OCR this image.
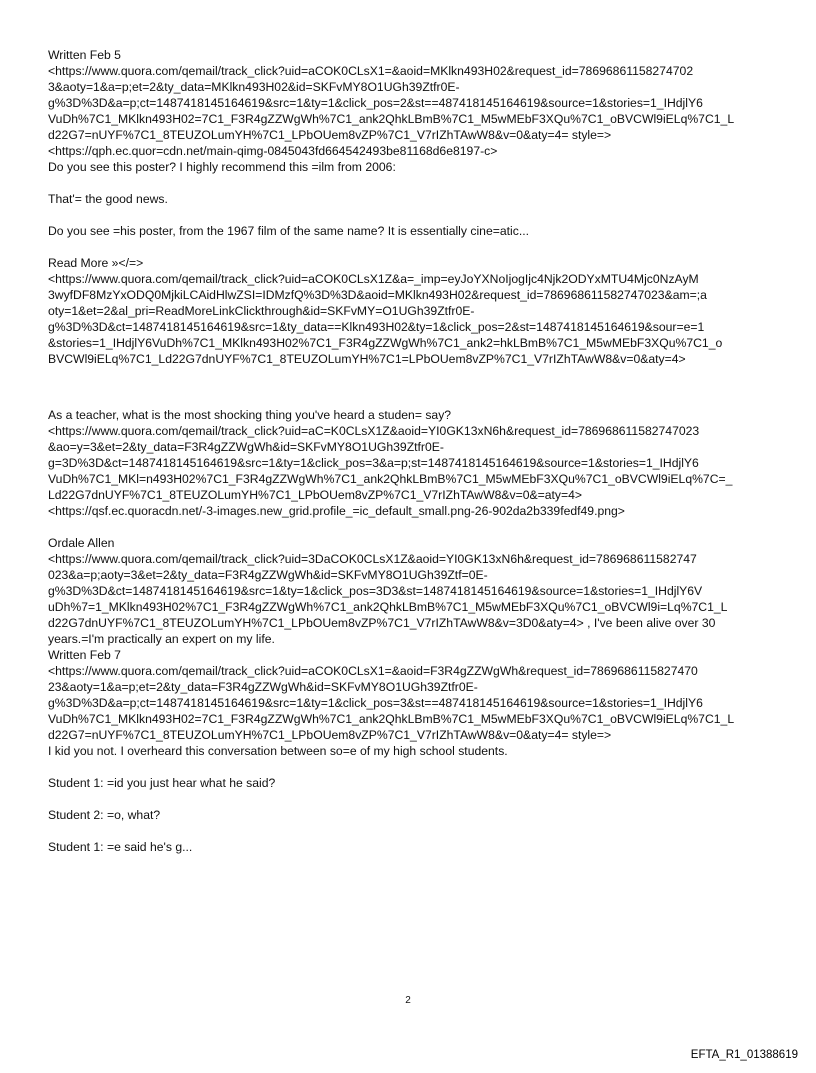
Written Feb 5
<https://www.quora.com/qemail/track_click?uid=aCOK0CLsX1=&aoid=MKlkn493H02&request_id=78696861158274702
3&aoty=1&a=p;et=2&ty_data=MKlkn493H02&id=SKFvMY8O1UGh39Ztfr0E-
g%3D%3D&a=p;ct=1487418145164619&src=1&ty=1&click_pos=2&st==487418145164619&source=1&stories=1_IHdjlY6
VuDh%7C1_MKlkn493H02=7C1_F3R4gZZWgWh%7C1_ank2QhkLBmB%7C1_M5wMEbF3XQu%7C1_oBVCWl9iELq%7C1_L
d22G7=nUYF%7C1_8TEUZOLumYH%7C1_LPbOUem8vZP%7C1_V7rIZhTAwW8&v=0&aty=4= style=>
<https://qph.ec.quor=cdn.net/main-qimg-0845043fd664542493be81168d6e8197-c>
Do you see this poster? I highly recommend this =ilm from 2006:
That'= the good news.
Do you see =his poster, from the 1967 film of the same name? It is essentially cine=atic...
Read More »</=>
<https://www.quora.com/qemail/track_click?uid=aCOK0CLsX1Z&a=_imp=eyJoYXNoIjogIjc4Njk2ODYxMTU4Mjc0NzAyM
3wyfDF8MzYxODQ0MjkiLCAidHlwZSI=IDMzfQ%3D%3D&aoid=MKlkn493H02&request_id=786968611582747023&am=;a
oty=1&et=2&al_pri=ReadMoreLinkClickthrough&id=SKFvMY=O1UGh39Ztfr0E-
g%3D%3D&ct=1487418145164619&src=1&ty_data==Klkn493H02&ty=1&click_pos=2&st=1487418145164619&sour=e=1
&stories=1_IHdjlY6VuDh%7C1_MKlkn493H02%7C1_F3R4gZZWgWh%7C1_ank2=hkLBmB%7C1_M5wMEbF3XQu%7C1_o
BVCWl9iELq%7C1_Ld22G7dnUYF%7C1_8TEUZOLumYH%7C1=LPbOUem8vZP%7C1_V7rIZhTAwW8&v=0&aty=4>
As a teacher, what is the most shocking thing you've heard a studen= say?
<https://www.quora.com/qemail/track_click?uid=aC=K0CLsX1Z&aoid=YI0GK13xN6h&request_id=786968611582747023
&ao=y=3&et=2&ty_data=F3R4gZZWgWh&id=SKFvMY8O1UGh39Ztfr0E-
g=3D%3D&ct=1487418145164619&src=1&ty=1&click_pos=3&a=p;st=1487418145164619&source=1&stories=1_IHdjlY6
VuDh%7C1_MKl=n493H02%7C1_F3R4gZZWgWh%7C1_ank2QhkLBmB%7C1_M5wMEbF3XQu%7C1_oBVCWl9iELq%7C=_
Ld22G7dnUYF%7C1_8TEUZOLumYH%7C1_LPbOUem8vZP%7C1_V7rIZhTAwW8&v=0&=aty=4>
<https://qsf.ec.quoracdn.net/-3-images.new_grid.profile_=ic_default_small.png-26-902da2b339fedf49.png>
Ordale Allen
<https://www.quora.com/qemail/track_click?uid=3DaCOK0CLsX1Z&aoid=YI0GK13xN6h&request_id=786968611582747
023&a=p;aoty=3&et=2&ty_data=F3R4gZZWgWh&id=SKFvMY8O1UGh39Ztf=0E-
g%3D%3D&ct=1487418145164619&src=1&ty=1&click_pos=3D3&st=1487418145164619&source=1&stories=1_IHdjlY6V
uDh%7=1_MKlkn493H02%7C1_F3R4gZZWgWh%7C1_ank2QhkLBmB%7C1_M5wMEbF3XQu%7C1_oBVCWl9i=Lq%7C1_L
d22G7dnUYF%7C1_8TEUZOLumYH%7C1_LPbOUem8vZP%7C1_V7rIZhTAwW8&v=3D0&aty=4> , I've been alive over 30
years.=I'm practically an expert on my life.
Written Feb 7
<https://www.quora.com/qemail/track_click?uid=aCOK0CLsX1=&aoid=F3R4gZZWgWh&request_id=7869686115827470
23&aoty=1&a=p;et=2&ty_data=F3R4gZZWgWh&id=SKFvMY8O1UGh39Ztfr0E-
g%3D%3D&a=p;ct=1487418145164619&src=1&ty=1&click_pos=3&st==487418145164619&source=1&stories=1_IHdjlY6
VuDh%7C1_MKlkn493H02=7C1_F3R4gZZWgWh%7C1_ank2QhkLBmB%7C1_M5wMEbF3XQu%7C1_oBVCWl9iELq%7C1_L
d22G7=nUYF%7C1_8TEUZOLumYH%7C1_LPbOUem8vZP%7C1_V7rIZhTAwW8&v=0&aty=4= style=>
I kid you not. I overheard this conversation between so=e of my high school students.
Student 1: =id you just hear what he said?
Student 2: =o, what?
Student 1: =e said he's g...
2
EFTA_R1_01388619
